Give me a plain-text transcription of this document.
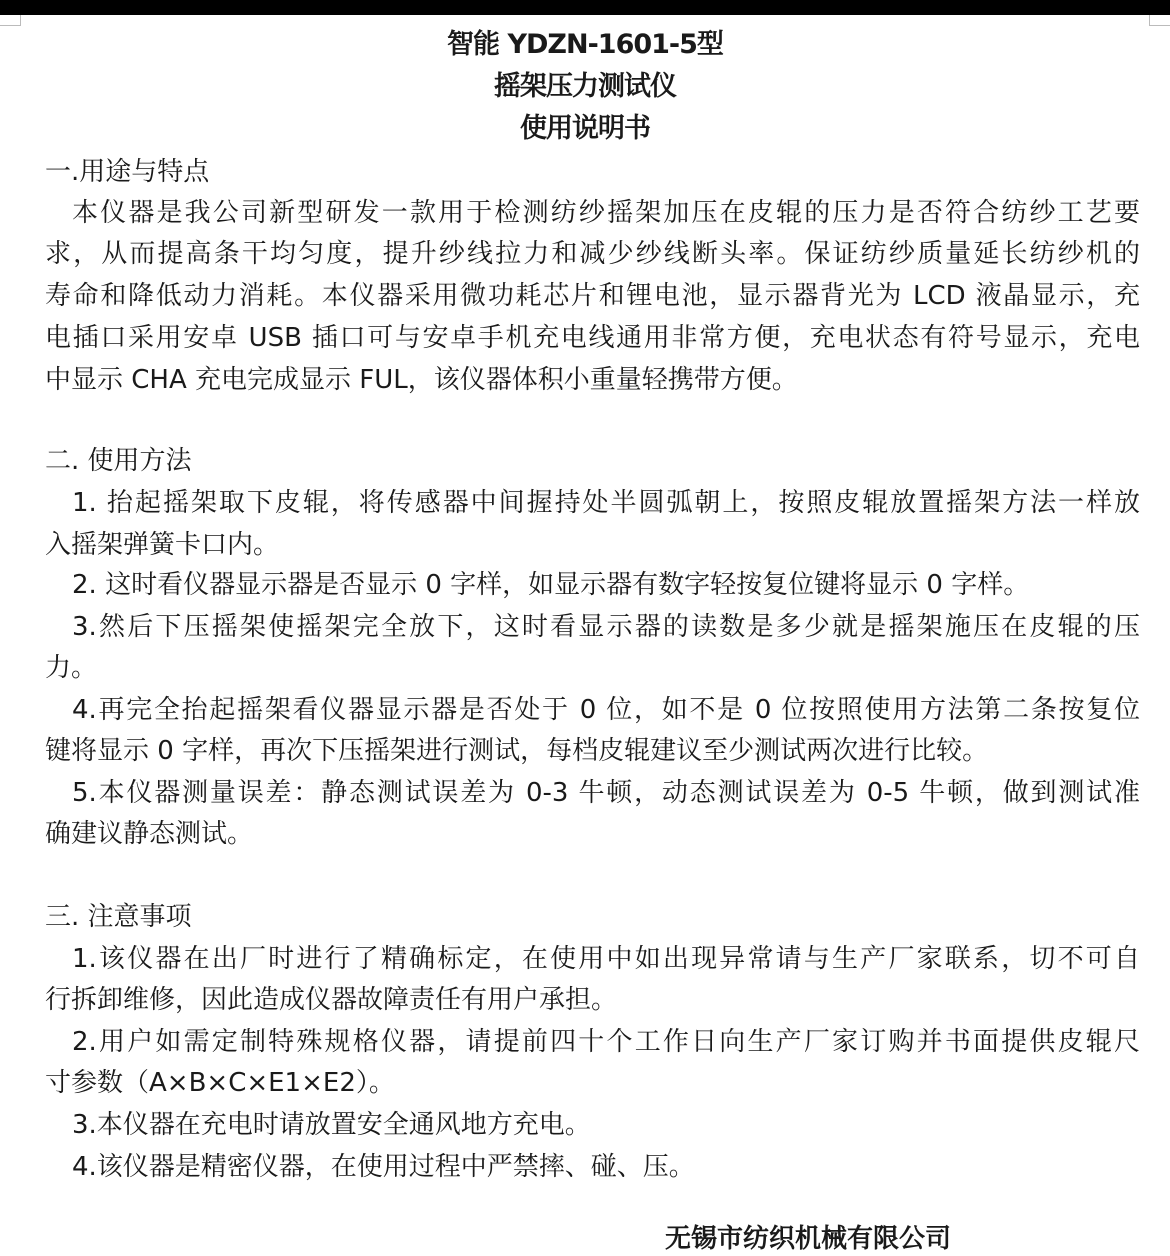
智能 YDZN-1601-5型
摇架压力测试仪
使用说明书
一.用途与特点
本仪器是我公司新型研发一款用于检测纺纱摇架加压在皮辊的压力是否符合纺纱工艺要
求，从而提高条干均匀度，提升纱线拉力和减少纱线断头率。保证纺纱质量延长纺纱机的
寿命和降低动力消耗。本仪器采用微功耗芯片和锂电池，显示器背光为 LCD 液晶显示，充
电插口采用安卓 USB 插口可与安卓手机充电线通用非常方便，充电状态有符号显示，充电
中显示 CHA 充电完成显示 FUL，该仪器体积小重量轻携带方便。
二. 使用方法
1. 抬起摇架取下皮辊，将传感器中间握持处半圆弧朝上，按照皮辊放置摇架方法一样放
入摇架弹簧卡口内。
2. 这时看仪器显示器是否显示 0 字样，如显示器有数字轻按复位键将显示 0 字样。
3.然后下压摇架使摇架完全放下，这时看显示器的读数是多少就是摇架施压在皮辊的压
力。
4.再完全抬起摇架看仪器显示器是否处于 0 位，如不是 0 位按照使用方法第二条按复位
键将显示 0 字样，再次下压摇架进行测试，每档皮辊建议至少测试两次进行比较。
5.本仪器测量误差：静态测试误差为 0-3 牛顿，动态测试误差为 0-5 牛顿，做到测试准
确建议静态测试。
三. 注意事项
1.该仪器在出厂时进行了精确标定，在使用中如出现异常请与生产厂家联系，切不可自
行拆卸维修，因此造成仪器故障责任有用户承担。
2.用户如需定制特殊规格仪器，请提前四十个工作日向生产厂家订购并书面提供皮辊尺
寸参数（A×B×C×E1×E2）。
3.本仪器在充电时请放置安全通风地方充电。
4.该仪器是精密仪器，在使用过程中严禁摔、碰、压。
无锡市纺织机械有限公司
